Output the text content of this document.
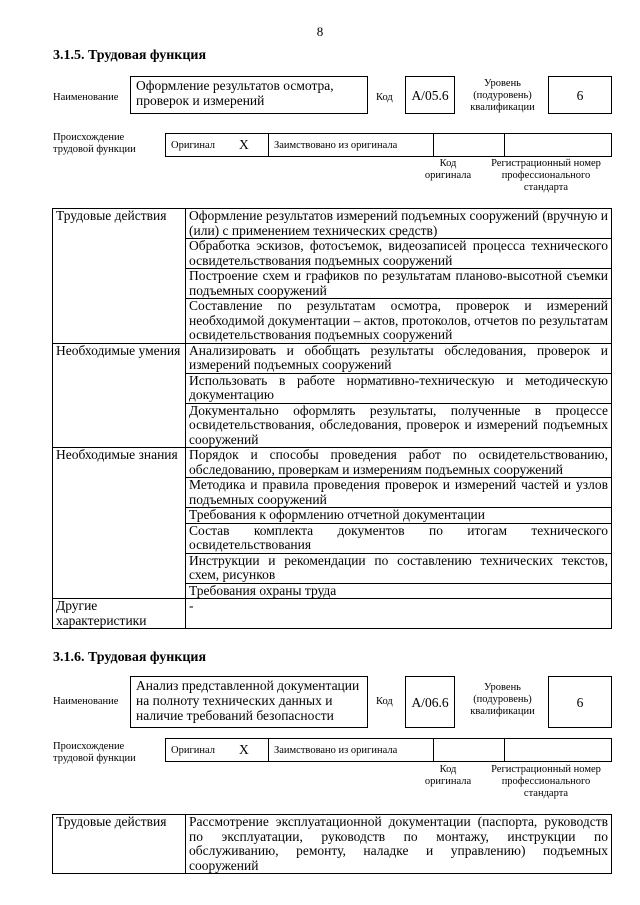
8
3.1.5. Трудовая функция
Наименование
Оформление результатов осмотра, проверок и измерений	Код	A/05.6
Уровень (подуровень) квалификации
6
Происхождение трудовой функции	Оригинал	X	Заимствовано из оригинала		
Код оригинала
Регистрационный номер профессионального стандарта
Трудовые действия	Оформление результатов измерений подъемных сооружений (вручную и (или) с применением технических средств)
	Обработка эскизов, фотосъемок, видеозаписей процесса технического освидетельствования подъемных сооружений
	Построение схем и графиков по результатам планово-высотной съемки подъемных сооружений
	Составление по результатам осмотра, проверок и измерений необходимой документации – актов, протоколов, отчетов по результатам освидетельствования подъемных сооружений
Необходимые умения	Анализировать и обобщать результаты обследования, проверок и измерений подъемных сооружений
	Использовать в работе нормативно-техническую и методическую документацию
	Документально оформлять результаты, полученные в процессе освидетельствования, обследования, проверок и измерений подъемных сооружений
Необходимые знания	Порядок и способы проведения работ по освидетельствованию, обследованию, проверкам и измерениям подъемных сооружений
	Методика и правила проведения проверок и измерений частей и узлов подъемных сооружений
	Требования к оформлению отчетной документации
	Состав комплекта документов по итогам технического освидетельствования
	Инструкции и рекомендации по составлению технических текстов, схем, рисунков
	Требования охраны труда
Другие характеристики	-
3.1.6. Трудовая функция
Наименование
Анализ представленной документации на полноту технических данных и наличие требований безопасности
Код	A/06.6
Уровень (подуровень) квалификации
6
Происхождение трудовой функции
Оригинал	X	Заимствовано из оригинала		
Код оригинала
Регистрационный номер профессионального стандарта
Трудовые действия	Рассмотрение эксплуатационной документации (паспорта, руководств по эксплуатации, руководств по монтажу, инструкции по обслуживанию, ремонту, наладке и управлению) подъемных сооружений
